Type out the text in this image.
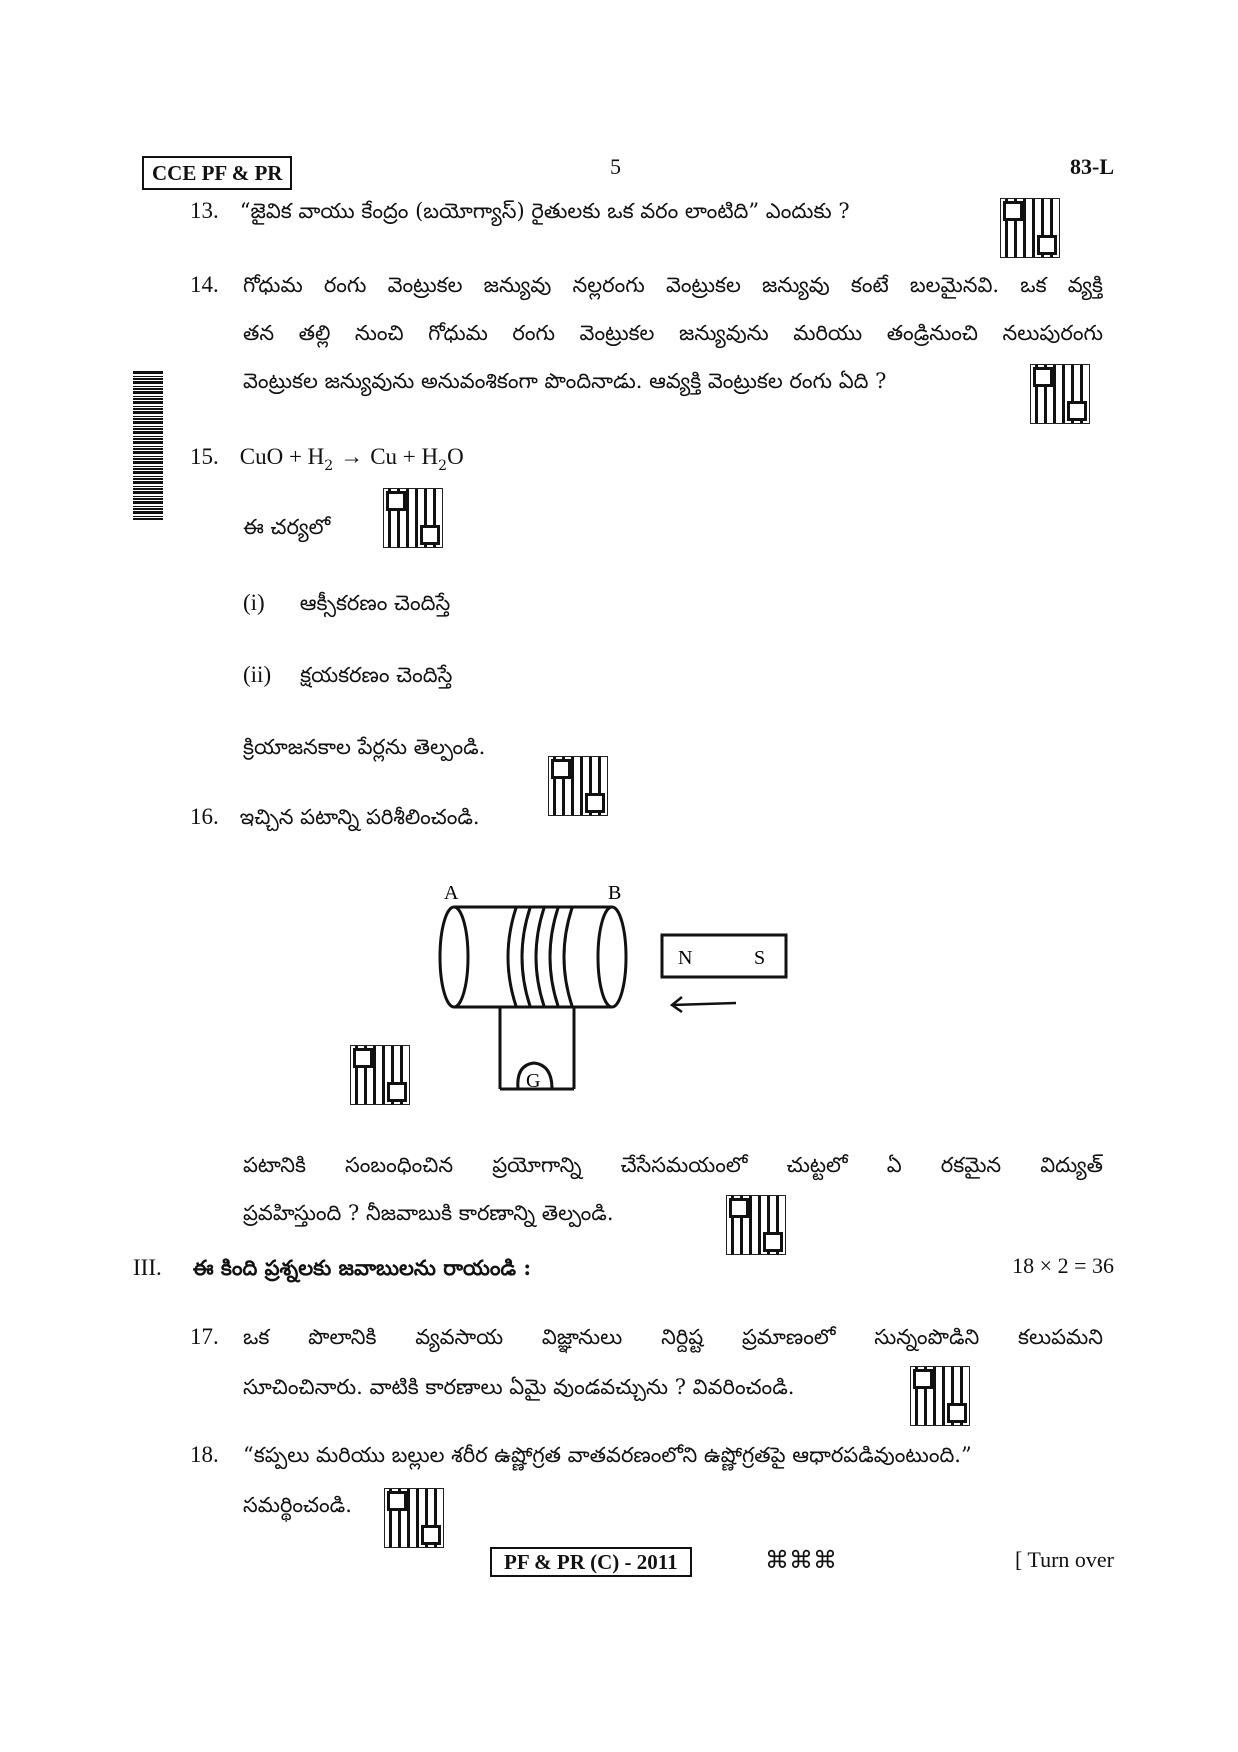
CCE PF & PR	5	83-L
13. “జైవిక వాయు కేంద్రం (బయోగ్యాస్) రైతులకు ఒక వరం లాంటిది” ఎందుకు ?
14. గోధుమ రంగు వెంట్రుకల జన్యువు నల్లరంగు వెంట్రుకల జన్యువు కంటే బలమైనవి. ఒక వ్యక్తి
తన తల్లి నుంచి గోధుమ రంగు వెంట్రుకల జన్యువును మరియు తండ్రినుంచి నలుపురంగు
వెంట్రుకల జన్యువును అనువంశికంగా పొందినాడు. ఆవ్యక్తి వెంట్రుకల రంగు ఏది ?
15. CuO + $H_2 \to Cu + H_2O$
ఈ చర్యలో
(i) ఆక్సీకరణం చెందిస్తే
(ii) క్షయకరణం చెందిస్తే
క్రియాజనకాల పేర్లను తెల్పండి.
16. ఇచ్చిన పటాన్ని పరిశీలించండి.
A	B
G
N	S
పటానికి సంబంధించిన ప్రయోగాన్ని చేసేసమయంలో చుట్టలో ఏ రకమైన విద్యుత్
ప్రవహిస్తుంది ? నీజవాబుకి కారణాన్ని తెల్పండి.
III. ఈ కింది ప్రశ్నలకు జవాబులను రాయండి :	18 × 2 = 36
17. ఒక పొలానికి వ్యవసాయ విజ్ఞానులు నిర్దిష్ట ప్రమాణంలో సున్నంపొడిని కలుపమని
సూచించినారు. వాటికి కారణాలు ఏమై వుండవచ్చును ? వివరించండి.
18. “కప్పలు మరియు బల్లుల శరీర ఉష్ణోగ్రత వాతవరణంలోని ఉష్ణోగ్రతపై ఆధారపడివుంటుంది.”
సమర్థించండి.
PF & PR (C) - 2011	⌘⌘⌘	[ Turn over
